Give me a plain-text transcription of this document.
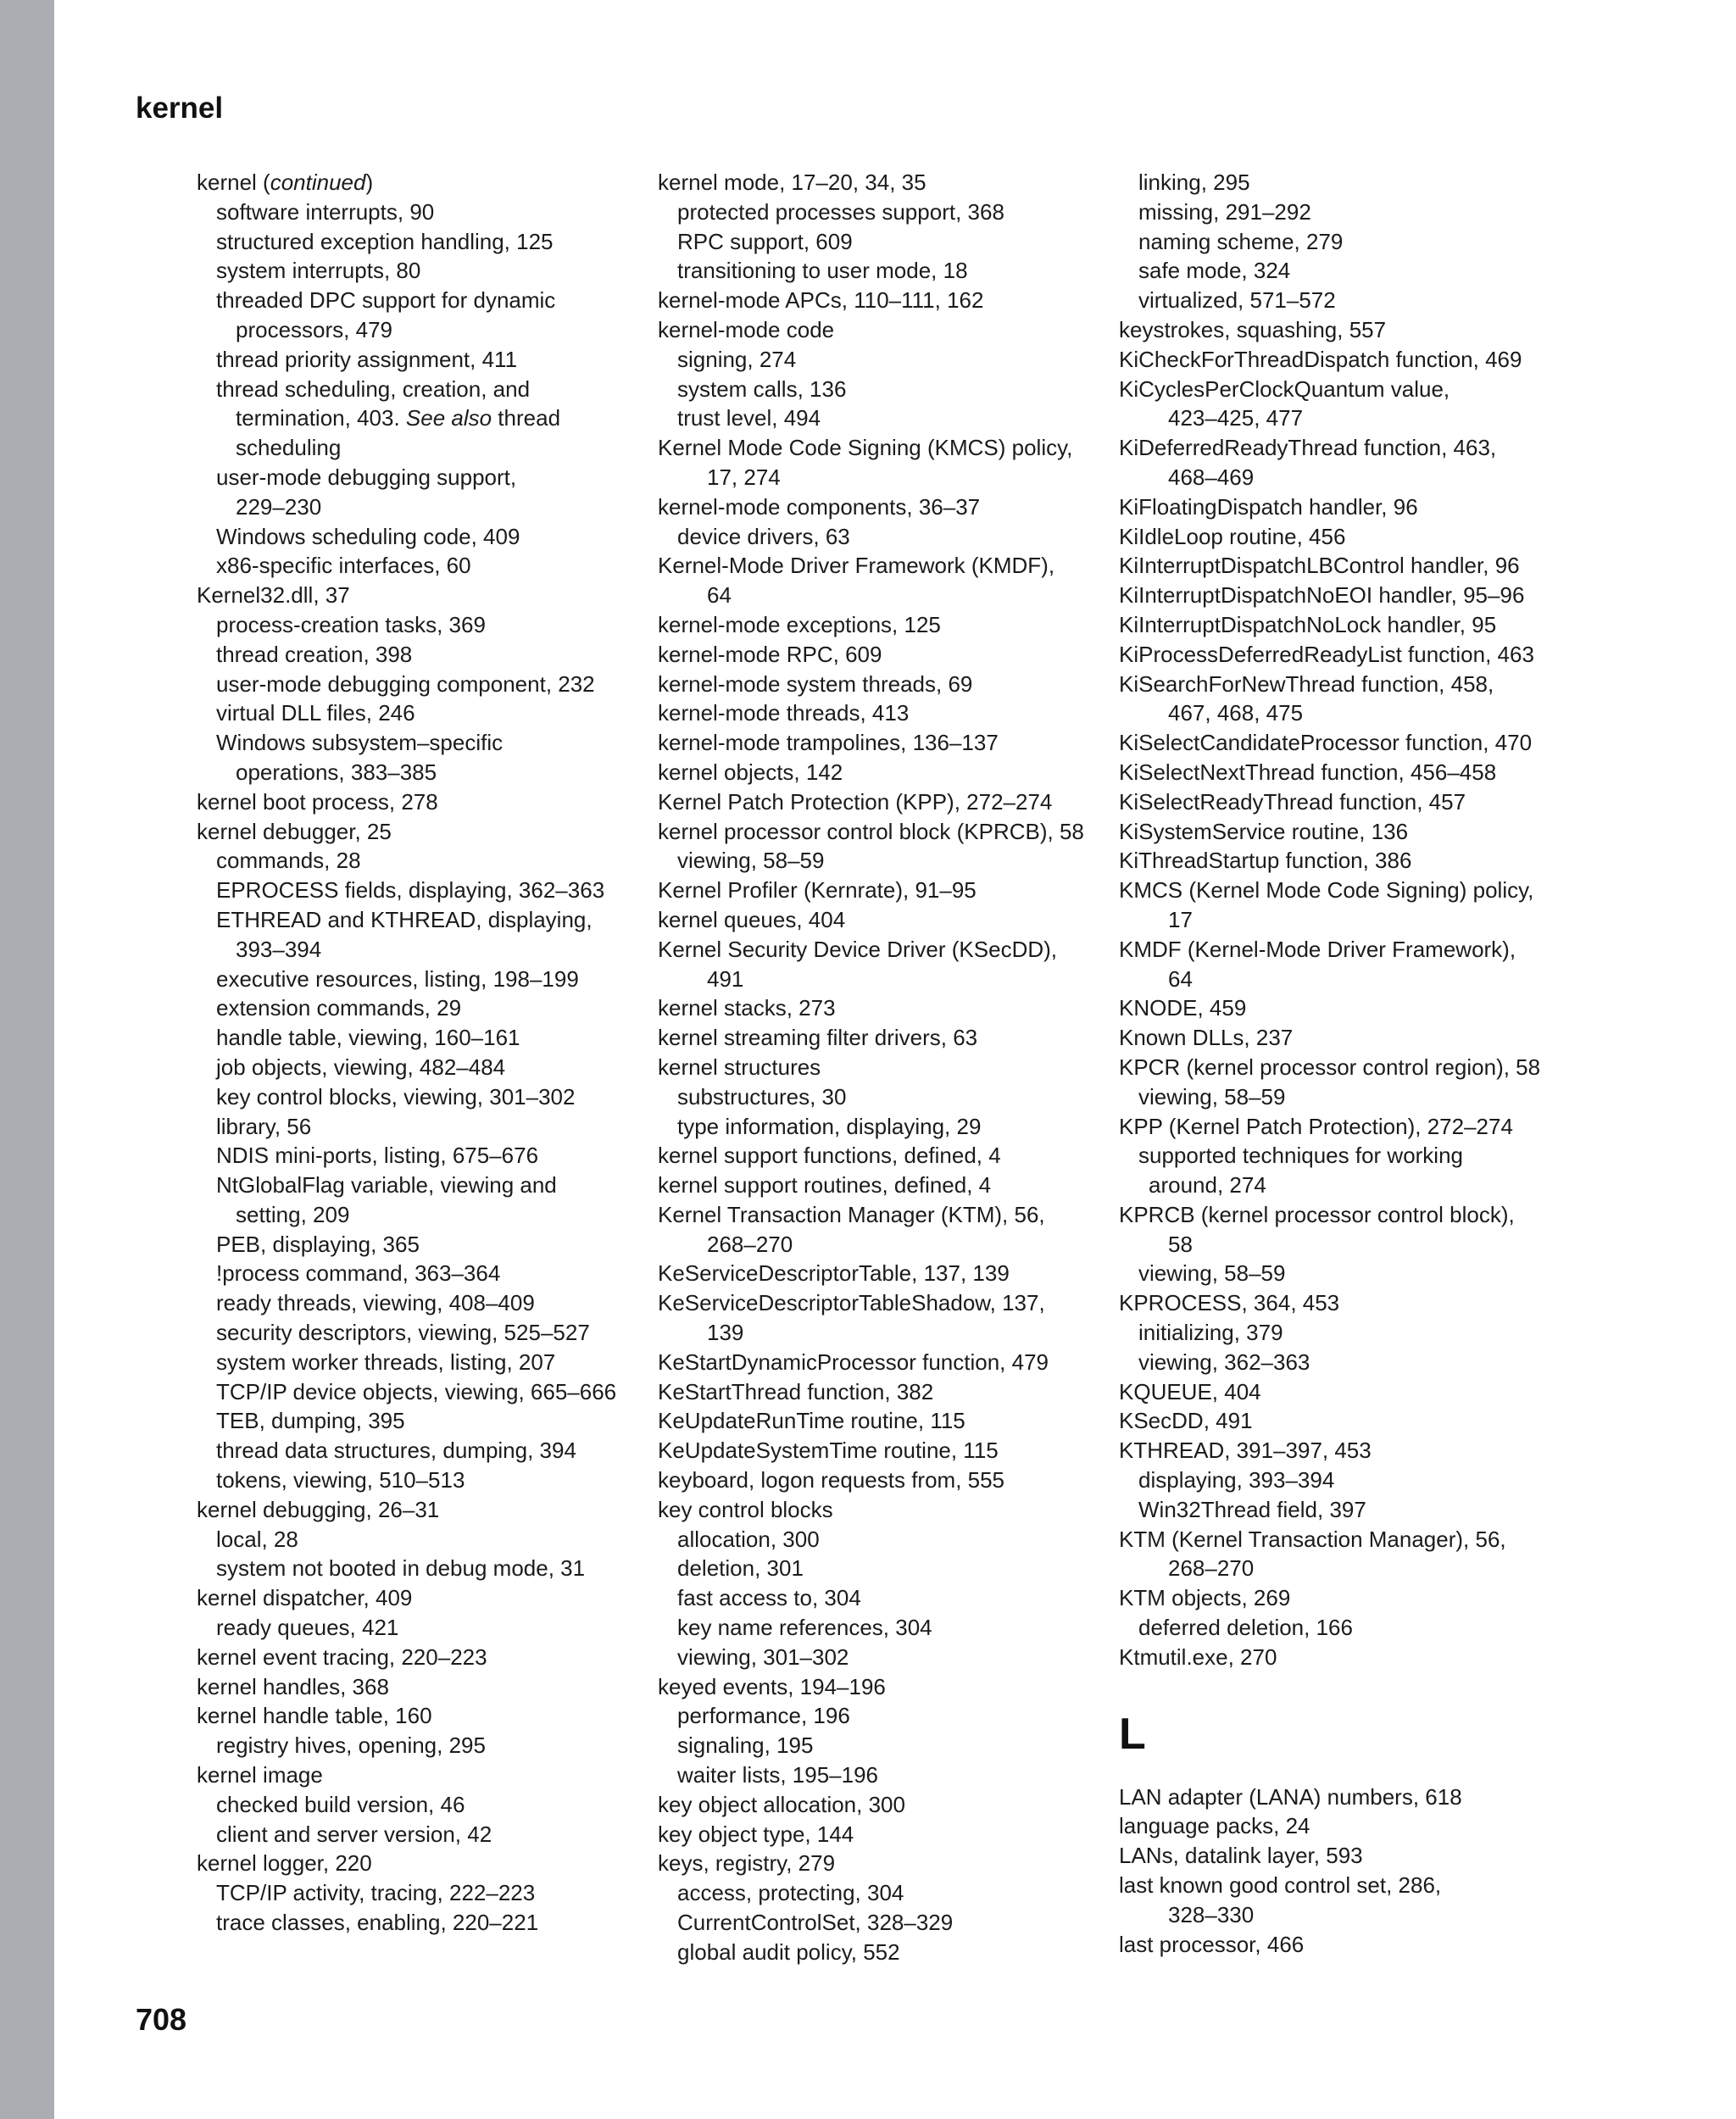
kernel
kernel (continued)
software interrupts, 90
structured exception handling, 125
system interrupts, 80
threaded DPC support for dynamic
processors, 479
thread priority assignment, 411
thread scheduling, creation, and
termination, 403. See also thread
scheduling
user-mode debugging support,
229–230
Windows scheduling code, 409
x86-specific interfaces, 60
Kernel32.dll, 37
process-creation tasks, 369
thread creation, 398
user-mode debugging component, 232
virtual DLL files, 246
Windows subsystem–specific
operations, 383–385
kernel boot process, 278
kernel debugger, 25
commands, 28
EPROCESS fields, displaying, 362–363
ETHREAD and KTHREAD, displaying,
393–394
executive resources, listing, 198–199
extension commands, 29
handle table, viewing, 160–161
job objects, viewing, 482–484
key control blocks, viewing, 301–302
library, 56
NDIS mini-ports, listing, 675–676
NtGlobalFlag variable, viewing and
setting, 209
PEB, displaying, 365
!process command, 363–364
ready threads, viewing, 408–409
security descriptors, viewing, 525–527
system worker threads, listing, 207
TCP/IP device objects, viewing, 665–666
TEB, dumping, 395
thread data structures, dumping, 394
tokens, viewing, 510–513
kernel debugging, 26–31
local, 28
system not booted in debug mode, 31
kernel dispatcher, 409
ready queues, 421
kernel event tracing, 220–223
kernel handles, 368
kernel handle table, 160
registry hives, opening, 295
kernel image
checked build version, 46
client and server version, 42
kernel logger, 220
TCP/IP activity, tracing, 222–223
trace classes, enabling, 220–221
kernel mode, 17–20, 34, 35
protected processes support, 368
RPC support, 609
transitioning to user mode, 18
kernel-mode APCs, 110–111, 162
kernel-mode code
signing, 274
system calls, 136
trust level, 494
Kernel Mode Code Signing (KMCS) policy,
17, 274
kernel-mode components, 36–37
device drivers, 63
Kernel-Mode Driver Framework (KMDF),
64
kernel-mode exceptions, 125
kernel-mode RPC, 609
kernel-mode system threads, 69
kernel-mode threads, 413
kernel-mode trampolines, 136–137
kernel objects, 142
Kernel Patch Protection (KPP), 272–274
kernel processor control block (KPRCB), 58
viewing, 58–59
Kernel Profiler (Kernrate), 91–95
kernel queues, 404
Kernel Security Device Driver (KSecDD),
491
kernel stacks, 273
kernel streaming filter drivers, 63
kernel structures
substructures, 30
type information, displaying, 29
kernel support functions, defined, 4
kernel support routines, defined, 4
Kernel Transaction Manager (KTM), 56,
268–270
KeServiceDescriptorTable, 137, 139
KeServiceDescriptorTableShadow, 137,
139
KeStartDynamicProcessor function, 479
KeStartThread function, 382
KeUpdateRunTime routine, 115
KeUpdateSystemTime routine, 115
keyboard, logon requests from, 555
key control blocks
allocation, 300
deletion, 301
fast access to, 304
key name references, 304
viewing, 301–302
keyed events, 194–196
performance, 196
signaling, 195
waiter lists, 195–196
key object allocation, 300
key object type, 144
keys, registry, 279
access, protecting, 304
CurrentControlSet, 328–329
global audit policy, 552
linking, 295
missing, 291–292
naming scheme, 279
safe mode, 324
virtualized, 571–572
keystrokes, squashing, 557
KiCheckForThreadDispatch function, 469
KiCyclesPerClockQuantum value,
423–425, 477
KiDeferredReadyThread function, 463,
468–469
KiFloatingDispatch handler, 96
KiIdleLoop routine, 456
KiInterruptDispatchLBControl handler, 96
KiInterruptDispatchNoEOI handler, 95–96
KiInterruptDispatchNoLock handler, 95
KiProcessDeferredReadyList function, 463
KiSearchForNewThread function, 458,
467, 468, 475
KiSelectCandidateProcessor function, 470
KiSelectNextThread function, 456–458
KiSelectReadyThread function, 457
KiSystemService routine, 136
KiThreadStartup function, 386
KMCS (Kernel Mode Code Signing) policy,
17
KMDF (Kernel-Mode Driver Framework),
64
KNODE, 459
Known DLLs, 237
KPCR (kernel processor control region), 58
viewing, 58–59
KPP (Kernel Patch Protection), 272–274
supported techniques for working
around, 274
KPRCB (kernel processor control block),
58
viewing, 58–59
KPROCESS, 364, 453
initializing, 379
viewing, 362–363
KQUEUE, 404
KSecDD, 491
KTHREAD, 391–397, 453
displaying, 393–394
Win32Thread field, 397
KTM (Kernel Transaction Manager), 56,
268–270
KTM objects, 269
deferred deletion, 166
Ktmutil.exe, 270
L
LAN adapter (LANA) numbers, 618
language packs, 24
LANs, datalink layer, 593
last known good control set, 286,
328–330
last processor, 466
708
